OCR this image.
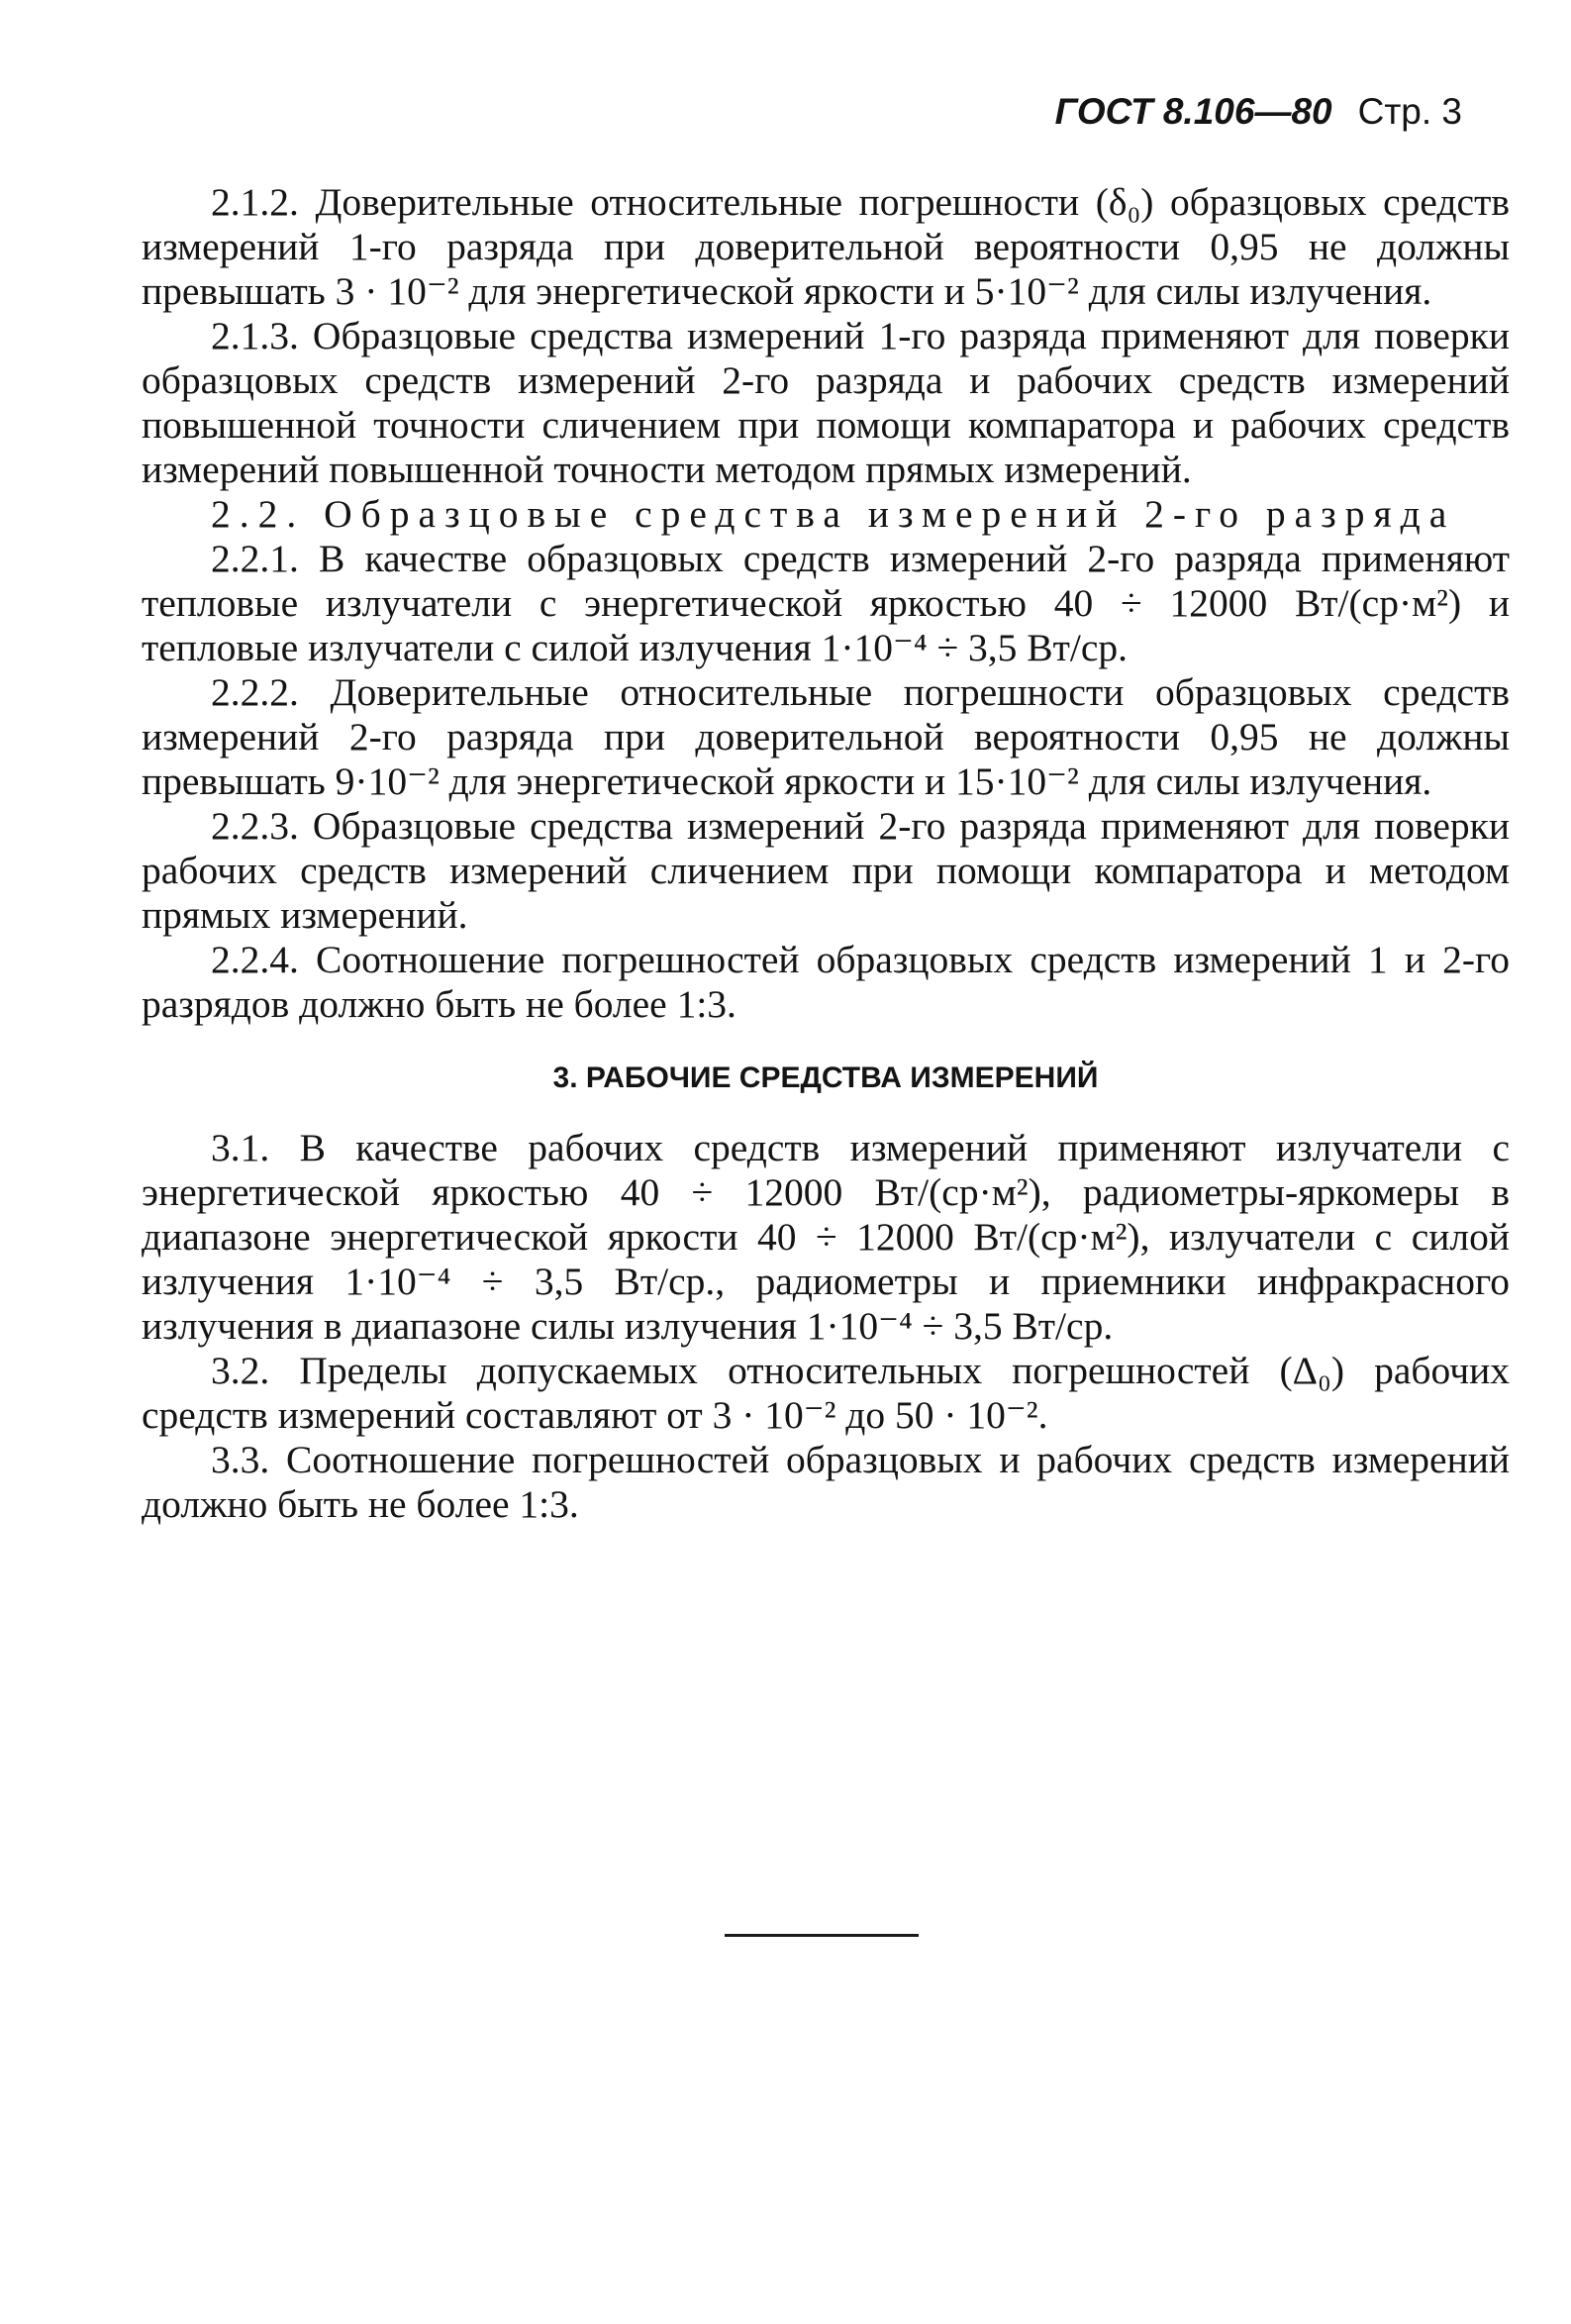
ГОСТ 8.106—80 Стр. 3

2.1.2. Доверительные относительные погрешности (δ₀) образцовых средств измерений 1-го разряда при доверительной вероятности 0,95 не должны превышать 3 · 10⁻² для энергетической яркости и 5·10⁻² для силы излучения.

2.1.3. Образцовые средства измерений 1-го разряда применяют для поверки образцовых средств измерений 2-го разряда и рабочих средств измерений повышенной точности сличением при помощи компаратора и рабочих средств измерений повышенной точности методом прямых измерений.

2.2. Образцовые средства измерений 2-го разряда

2.2.1. В качестве образцовых средств измерений 2-го разряда применяют тепловые излучатели с энергетической яркостью 40 ÷ 12000 Вт/(ср·м²) и тепловые излучатели с силой излучения 1·10⁻⁴ ÷ 3,5 Вт/ср.

2.2.2. Доверительные относительные погрешности образцовых средств измерений 2-го разряда при доверительной вероятности 0,95 не должны превышать 9·10⁻² для энергетической яркости и 15·10⁻² для силы излучения.

2.2.3. Образцовые средства измерений 2-го разряда применяют для поверки рабочих средств измерений сличением при помощи компаратора и методом прямых измерений.

2.2.4. Соотношение погрешностей образцовых средств измерений 1 и 2-го разрядов должно быть не более 1:3.

3. РАБОЧИЕ СРЕДСТВА ИЗМЕРЕНИЙ

3.1. В качестве рабочих средств измерений применяют излучатели с энергетической яркостью 40 ÷ 12000 Вт/(ср·м²), радиометры-яркомеры в диапазоне энергетической яркости 40 ÷ 12000 Вт/(ср·м²), излучатели с силой излучения 1·10⁻⁴ ÷ 3,5 Вт/ср., радиометры и приемники инфракрасного излучения в диапазоне силы излучения 1·10⁻⁴ ÷ 3,5 Вт/ср.

3.2. Пределы допускаемых относительных погрешностей (Δ₀) рабочих средств измерений составляют от 3 · 10⁻² до 50 · 10⁻².

3.3. Соотношение погрешностей образцовых и рабочих средств измерений должно быть не более 1:3.
